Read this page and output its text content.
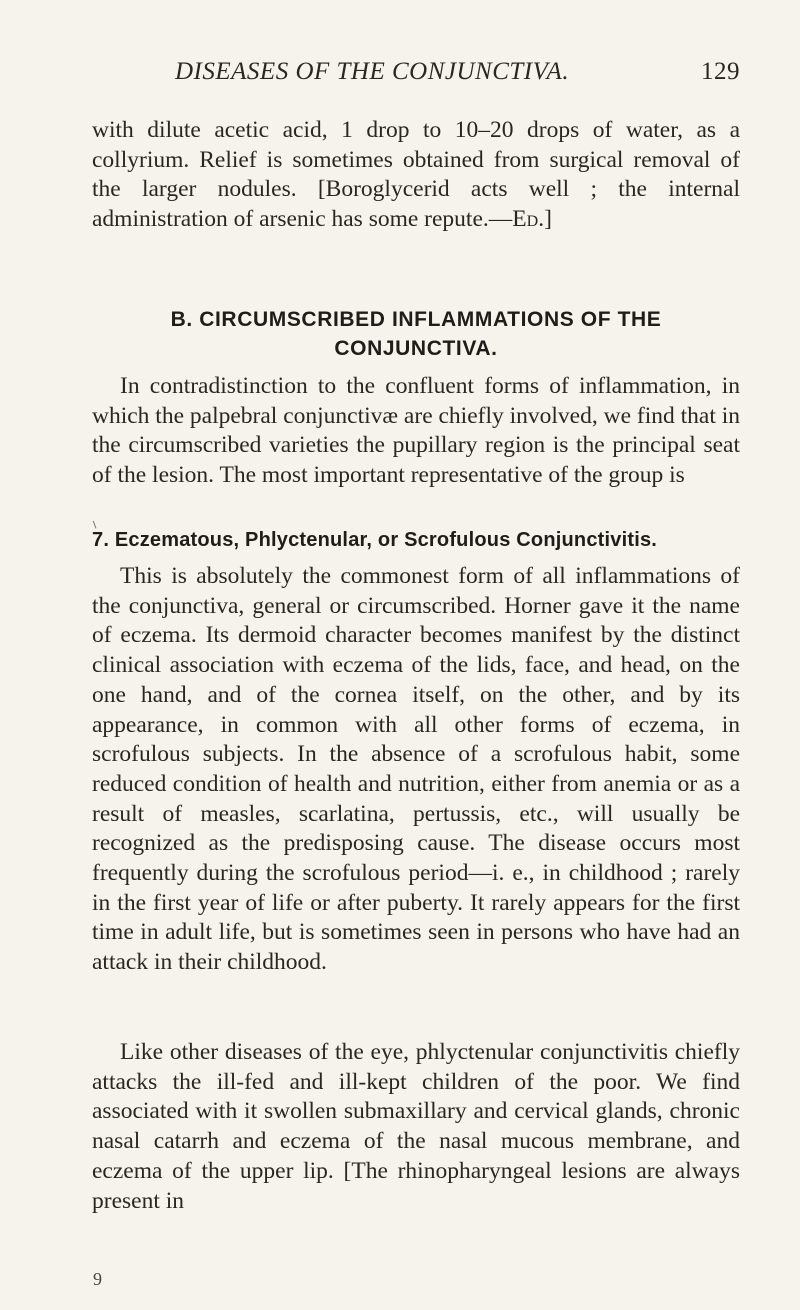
DISEASES OF THE CONJUNCTIVA.	129

with dilute acetic acid, 1 drop to 10–20 drops of water, as a collyrium. Relief is sometimes obtained from surgical removal of the larger nodules. [Boroglycerid acts well ; the internal administration of arsenic has some repute.—Ed.]

B. CIRCUMSCRIBED INFLAMMATIONS OF THE
CONJUNCTIVA.

In contradistinction to the confluent forms of inflammation, in which the palpebral conjunctivæ are chiefly involved, we find that in the circumscribed varieties the pupillary region is the principal seat of the lesion. The most important representative of the group is

7. Eczematous, Phlyctenular, or Scrofulous Conjunctivitis.

This is absolutely the commonest form of all inflammations of the conjunctiva, general or circumscribed. Horner gave it the name of eczema. Its dermoid character becomes manifest by the distinct clinical association with eczema of the lids, face, and head, on the one hand, and of the cornea itself, on the other, and by its appearance, in common with all other forms of eczema, in scrofulous subjects. In the absence of a scrofulous habit, some reduced condition of health and nutrition, either from anemia or as a result of measles, scarlatina, pertussis, etc., will usually be recognized as the predisposing cause. The disease occurs most frequently during the scrofulous period—i. e., in childhood ; rarely in the first year of life or after puberty. It rarely appears for the first time in adult life, but is sometimes seen in persons who have had an attack in their childhood.

Like other diseases of the eye, phlyctenular conjunctivitis chiefly attacks the ill-fed and ill-kept children of the poor. We find associated with it swollen submaxillary and cervical glands, chronic nasal catarrh and eczema of the nasal mucous membrane, and eczema of the upper lip. [The rhinopharyngeal lesions are always present in

9
